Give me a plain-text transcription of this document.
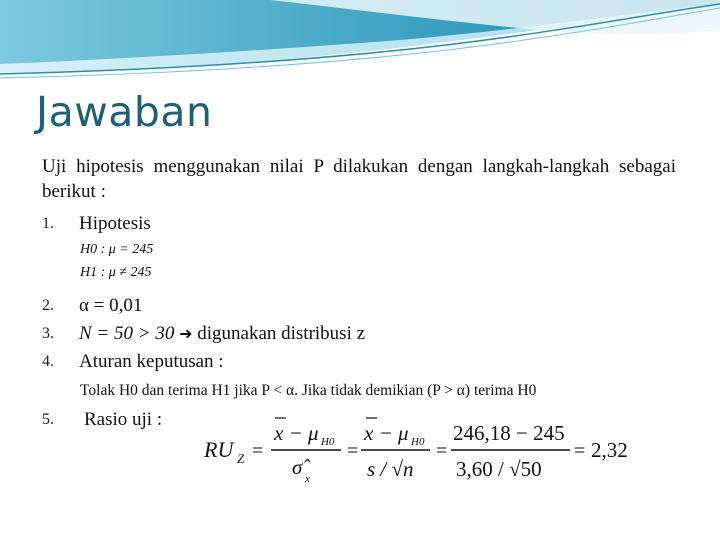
Jawaban

Uji hipotesis menggunakan nilai P dilakukan dengan langkah-langkah sebagai berikut :

1.	Hipotesis
H0 : μ = 245
H1 : μ ≠ 245
2.	α = 0,01
3.	N = 50 > 30 ➜ digunakan distribusi z
4.	Aturan keputusan :
Tolak H0 dan terima H1 jika P < α. Jika tidak demikian (P > α) terima H0
5.	Rasio uji :
RU Z =
x − μ H0
σ̂ x
=
x − μ H0
s / √n
=
246,18 − 245
3,60 / √50
= 2,32
